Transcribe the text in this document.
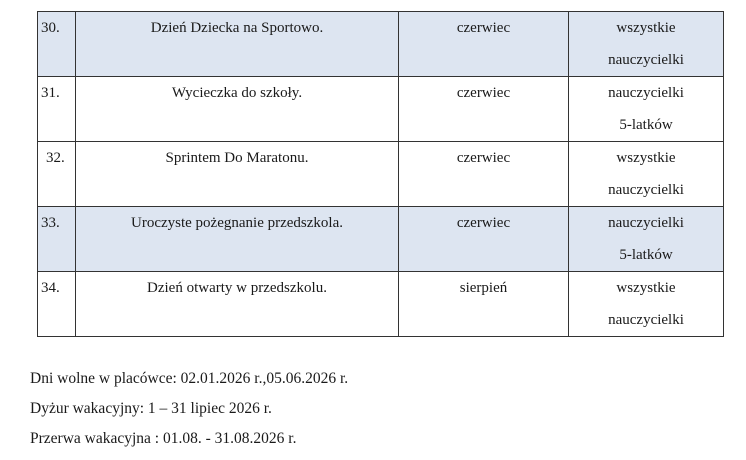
30.	Dzień Dziecka na Sportowo.	czerwiec	wszystkie
nauczycielki

31.	Wycieczka do szkoły.	czerwiec	nauczycielki
5-latków

32.	Sprintem Do Maratonu.	czerwiec	wszystkie
nauczycielki

33.	Uroczyste pożegnanie przedszkola.	czerwiec	nauczycielki
5-latków

34.	Dzień otwarty w przedszkolu.	sierpień	wszystkie
nauczycielki
Dni wolne w placówce: 02.01.2026 r.,05.06.2026 r.
Dyżur wakacyjny: 1 – 31 lipiec 2026 r.
Przerwa wakacyjna : 01.08. - 31.08.2026 r.
